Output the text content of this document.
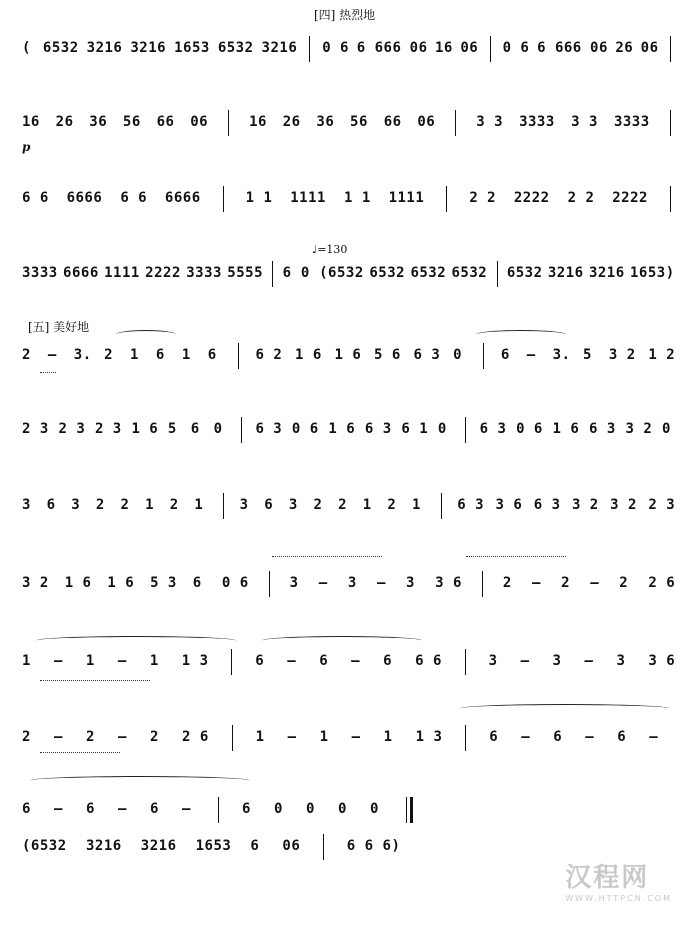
[四] 热烈地
♩=130
[五] 美好地
p
( 6532 3216 3216 1653 6532 3216 0 6 6 666 06 16 06 0 6 6 666 06 26 06
16 26 36 56 66 06	16 26 36 56 66 06	3 3 3333 3 3 3333
6 6 6666 6 6 6666	1 1 1111 1 1 1111	2 2 2222 2 2 2222
3333 6666 1111 2222 3333 5555 6 0 (6532 6532 6532 6532 6532 3216 3216 1653)
2 – 3. 2 1 6 1 6	6 2 1 6 1 6 5 6 6 3 0	6 – 3. 5 3 2 1 2
2 3 2 3 2 3 1 6 5 6 0 6 3 0 6 1 6 6 3 6 1 0 6 3 0 6 1 6 6 3 3 2 0
3 6 3 2 2 1 2 1	3 6 3 2 2 1 2 1	6 3 3 6 6 3 3 2 3 2 2 3
3 2 1 6 1 6 5 3 6 0 6	3 – 3 – 3 3 6	2 – 2 – 2 2 6
1 – 1 – 1 1 3	6 – 6 – 6 6 6	3 – 3 – 3 3 6
2 – 2 – 2 2 6	1 – 1 – 1 1 3	6 – 6 – 6 –
6 – 6 – 6 –	6 0 0 0 0
(6532 3216 3216 1653 6 06	6 6 6)
汉程网
WWW.HTTPCN.COM
